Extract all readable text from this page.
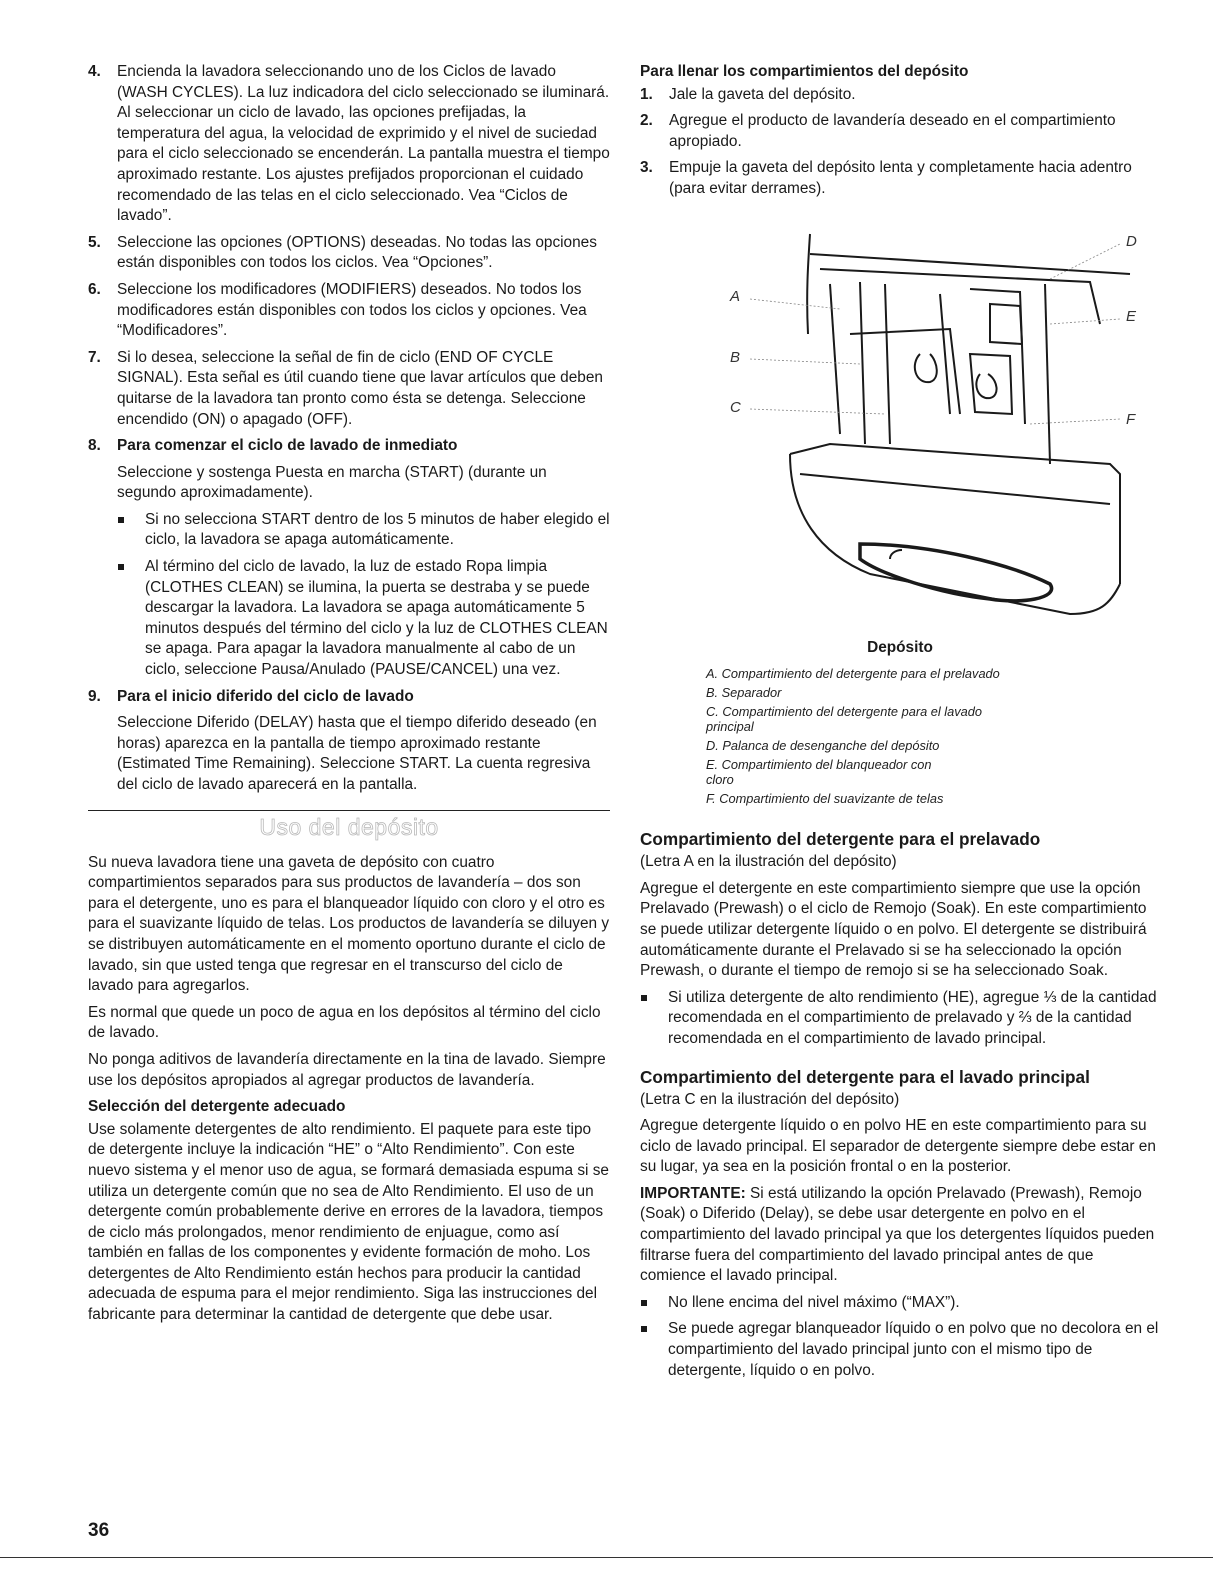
4. Encienda la lavadora seleccionando uno de los Ciclos de lavado (WASH CYCLES). La luz indicadora del ciclo seleccionado se iluminará. Al seleccionar un ciclo de lavado, las opciones prefijadas, la temperatura del agua, la velocidad de exprimido y el nivel de suciedad para el ciclo seleccionado se encenderán. La pantalla muestra el tiempo aproximado restante. Los ajustes prefijados proporcionan el cuidado recomendado de las telas en el ciclo seleccionado. Vea “Ciclos de lavado”.
5. Seleccione las opciones (OPTIONS) deseadas. No todas las opciones están disponibles con todos los ciclos. Vea “Opciones”.
6. Seleccione los modificadores (MODIFIERS) deseados. No todos los modificadores están disponibles con todos los ciclos y opciones. Vea “Modificadores”.
7. Si lo desea, seleccione la señal de fin de ciclo (END OF CYCLE SIGNAL). Esta señal es útil cuando tiene que lavar artículos que deben quitarse de la lavadora tan pronto como ésta se detenga. Seleccione encendido (ON) o apagado (OFF).
8. Para comenzar el ciclo de lavado de inmediato
Seleccione y sostenga Puesta en marcha (START) (durante un segundo aproximadamente).
Si no selecciona START dentro de los 5 minutos de haber elegido el ciclo, la lavadora se apaga automáticamente.
Al término del ciclo de lavado, la luz de estado Ropa limpia (CLOTHES CLEAN) se ilumina, la puerta se destraba y se puede descargar la lavadora. La lavadora se apaga automáticamente 5 minutos después del término del ciclo y la luz de CLOTHES CLEAN se apaga. Para apagar la lavadora manualmente al cabo de un ciclo, seleccione Pausa/Anulado (PAUSE/CANCEL) una vez.
9. Para el inicio diferido del ciclo de lavado
Seleccione Diferido (DELAY) hasta que el tiempo diferido deseado (en horas) aparezca en la pantalla de tiempo aproximado restante (Estimated Time Remaining). Seleccione START. La cuenta regresiva del ciclo de lavado aparecerá en la pantalla.
Uso del depósito

Su nueva lavadora tiene una gaveta de depósito con cuatro compartimientos separados para sus productos de lavandería – dos son para el detergente, uno es para el blanqueador líquido con cloro y el otro es para el suavizante líquido de telas. Los productos de lavandería se diluyen y se distribuyen automáticamente en el momento oportuno durante el ciclo de lavado, sin que usted tenga que regresar en el transcurso del ciclo de lavado para agregarlos.

Es normal que quede un poco de agua en los depósitos al término del ciclo de lavado.

No ponga aditivos de lavandería directamente en la tina de lavado. Siempre use los depósitos apropiados al agregar productos de lavandería.

Selección del detergente adecuado

Use solamente detergentes de alto rendimiento. El paquete para este tipo de detergente incluye la indicación “HE” o “Alto Rendimiento”. Con este nuevo sistema y el menor uso de agua, se formará demasiada espuma si se utiliza un detergente común que no sea de Alto Rendimiento. El uso de un detergente común probablemente derive en errores de la lavadora, tiempos de ciclo más prolongados, menor rendimiento de enjuague, como así también en fallas de los componentes y evidente formación de moho. Los detergentes de Alto Rendimiento están hechos para producir la cantidad adecuada de espuma para el mejor rendimiento. Siga las instrucciones del fabricante para determinar la cantidad de detergente que debe usar.

Para llenar los compartimientos del depósito
1. Jale la gaveta del depósito.
2. Agregue el producto de lavandería deseado en el compartimiento apropiado.
3. Empuje la gaveta del depósito lenta y completamente hacia adentro (para evitar derrames).
A
B
C
D
E
F
Depósito
A. Compartimiento del detergente para el prelavado
B. Separador
C. Compartimiento del detergente para el lavado principal
D. Palanca de desenganche del depósito
E. Compartimiento del blanqueador con cloro
F. Compartimiento del suavizante de telas
Compartimiento del detergente para el prelavado

(Letra A en la ilustración del depósito)

Agregue el detergente en este compartimiento siempre que use la opción Prelavado (Prewash) o el ciclo de Remojo (Soak). En este compartimiento se puede utilizar detergente líquido o en polvo. El detergente se distribuirá automáticamente durante el Prelavado si se ha seleccionado la opción Prewash, o durante el tiempo de remojo si se ha seleccionado Soak.

Si utiliza detergente de alto rendimiento (HE), agregue ⅓ de la cantidad recomendada en el compartimiento de prelavado y ⅔ de la cantidad recomendada en el compartimiento de lavado principal.
Compartimiento del detergente para el lavado principal

(Letra C en la ilustración del depósito)

Agregue detergente líquido o en polvo HE en este compartimiento para su ciclo de lavado principal. El separador de detergente siempre debe estar en su lugar, ya sea en la posición frontal o en la posterior.

IMPORTANTE: Si está utilizando la opción Prelavado (Prewash), Remojo (Soak) o Diferido (Delay), se debe usar detergente en polvo en el compartimiento del lavado principal ya que los detergentes líquidos pueden filtrarse fuera del compartimiento del lavado principal antes de que comience el lavado principal.

No llene encima del nivel máximo (“MAX”).
Se puede agregar blanqueador líquido o en polvo que no decolora en el compartimiento del lavado principal junto con el mismo tipo de detergente, líquido o en polvo.
36
